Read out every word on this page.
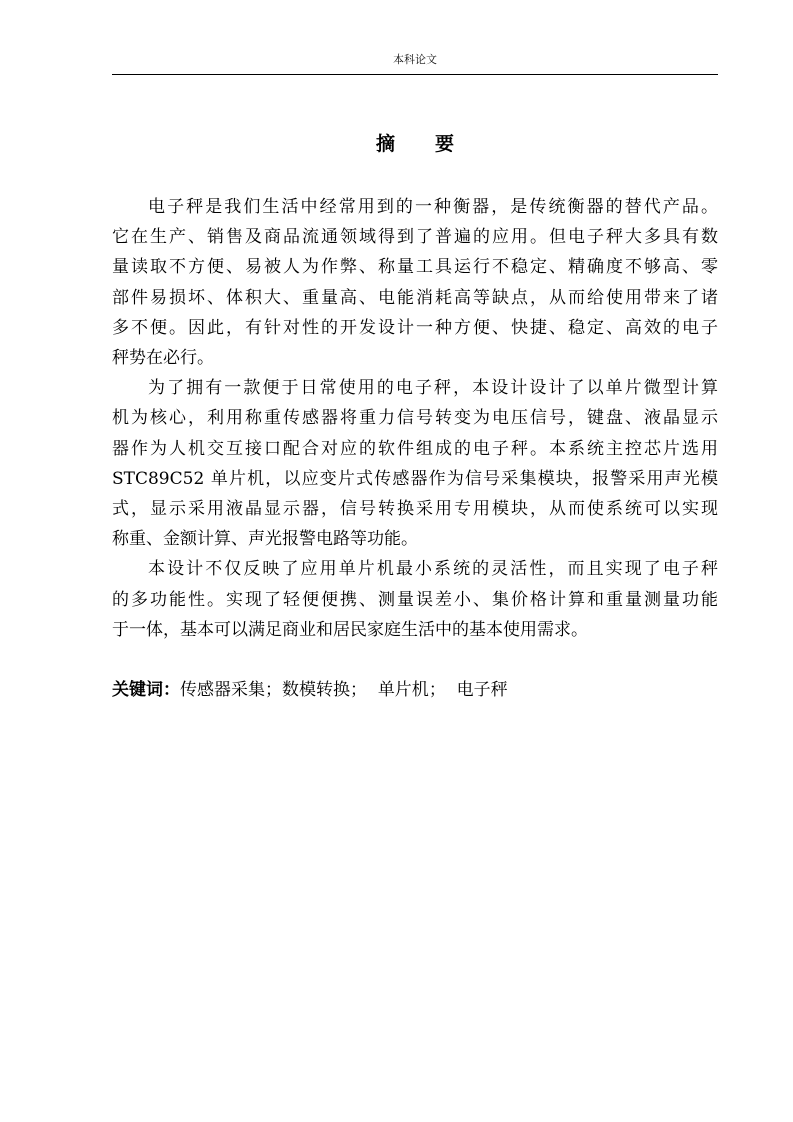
本科论文
摘 要
电子秤是我们生活中经常用到的一种衡器，是传统衡器的替代产品。
它在生产、销售及商品流通领域得到了普遍的应用。但电子秤大多具有数
量读取不方便、易被人为作弊、称量工具运行不稳定、精确度不够高、零
部件易损坏、体积大、重量高、电能消耗高等缺点，从而给使用带来了诸
多不便。因此，有针对性的开发设计一种方便、快捷、稳定、高效的电子
秤势在必行。
为了拥有一款便于日常使用的电子秤，本设计设计了以单片微型计算
机为核心，利用称重传感器将重力信号转变为电压信号，键盘、液晶显示
器作为人机交互接口配合对应的软件组成的电子秤。本系统主控芯片选用
STC89C52 单片机，以应变片式传感器作为信号采集模块，报警采用声光模
式，显示采用液晶显示器，信号转换采用专用模块，从而使系统可以实现
称重、金额计算、声光报警电路等功能。
本设计不仅反映了应用单片机最小系统的灵活性，而且实现了电子秤
的多功能性。实现了轻便便携、测量误差小、集价格计算和重量测量功能
于一体，基本可以满足商业和居民家庭生活中的基本使用需求。
关键词：传感器采集；数模转换； 单片机； 电子秤
